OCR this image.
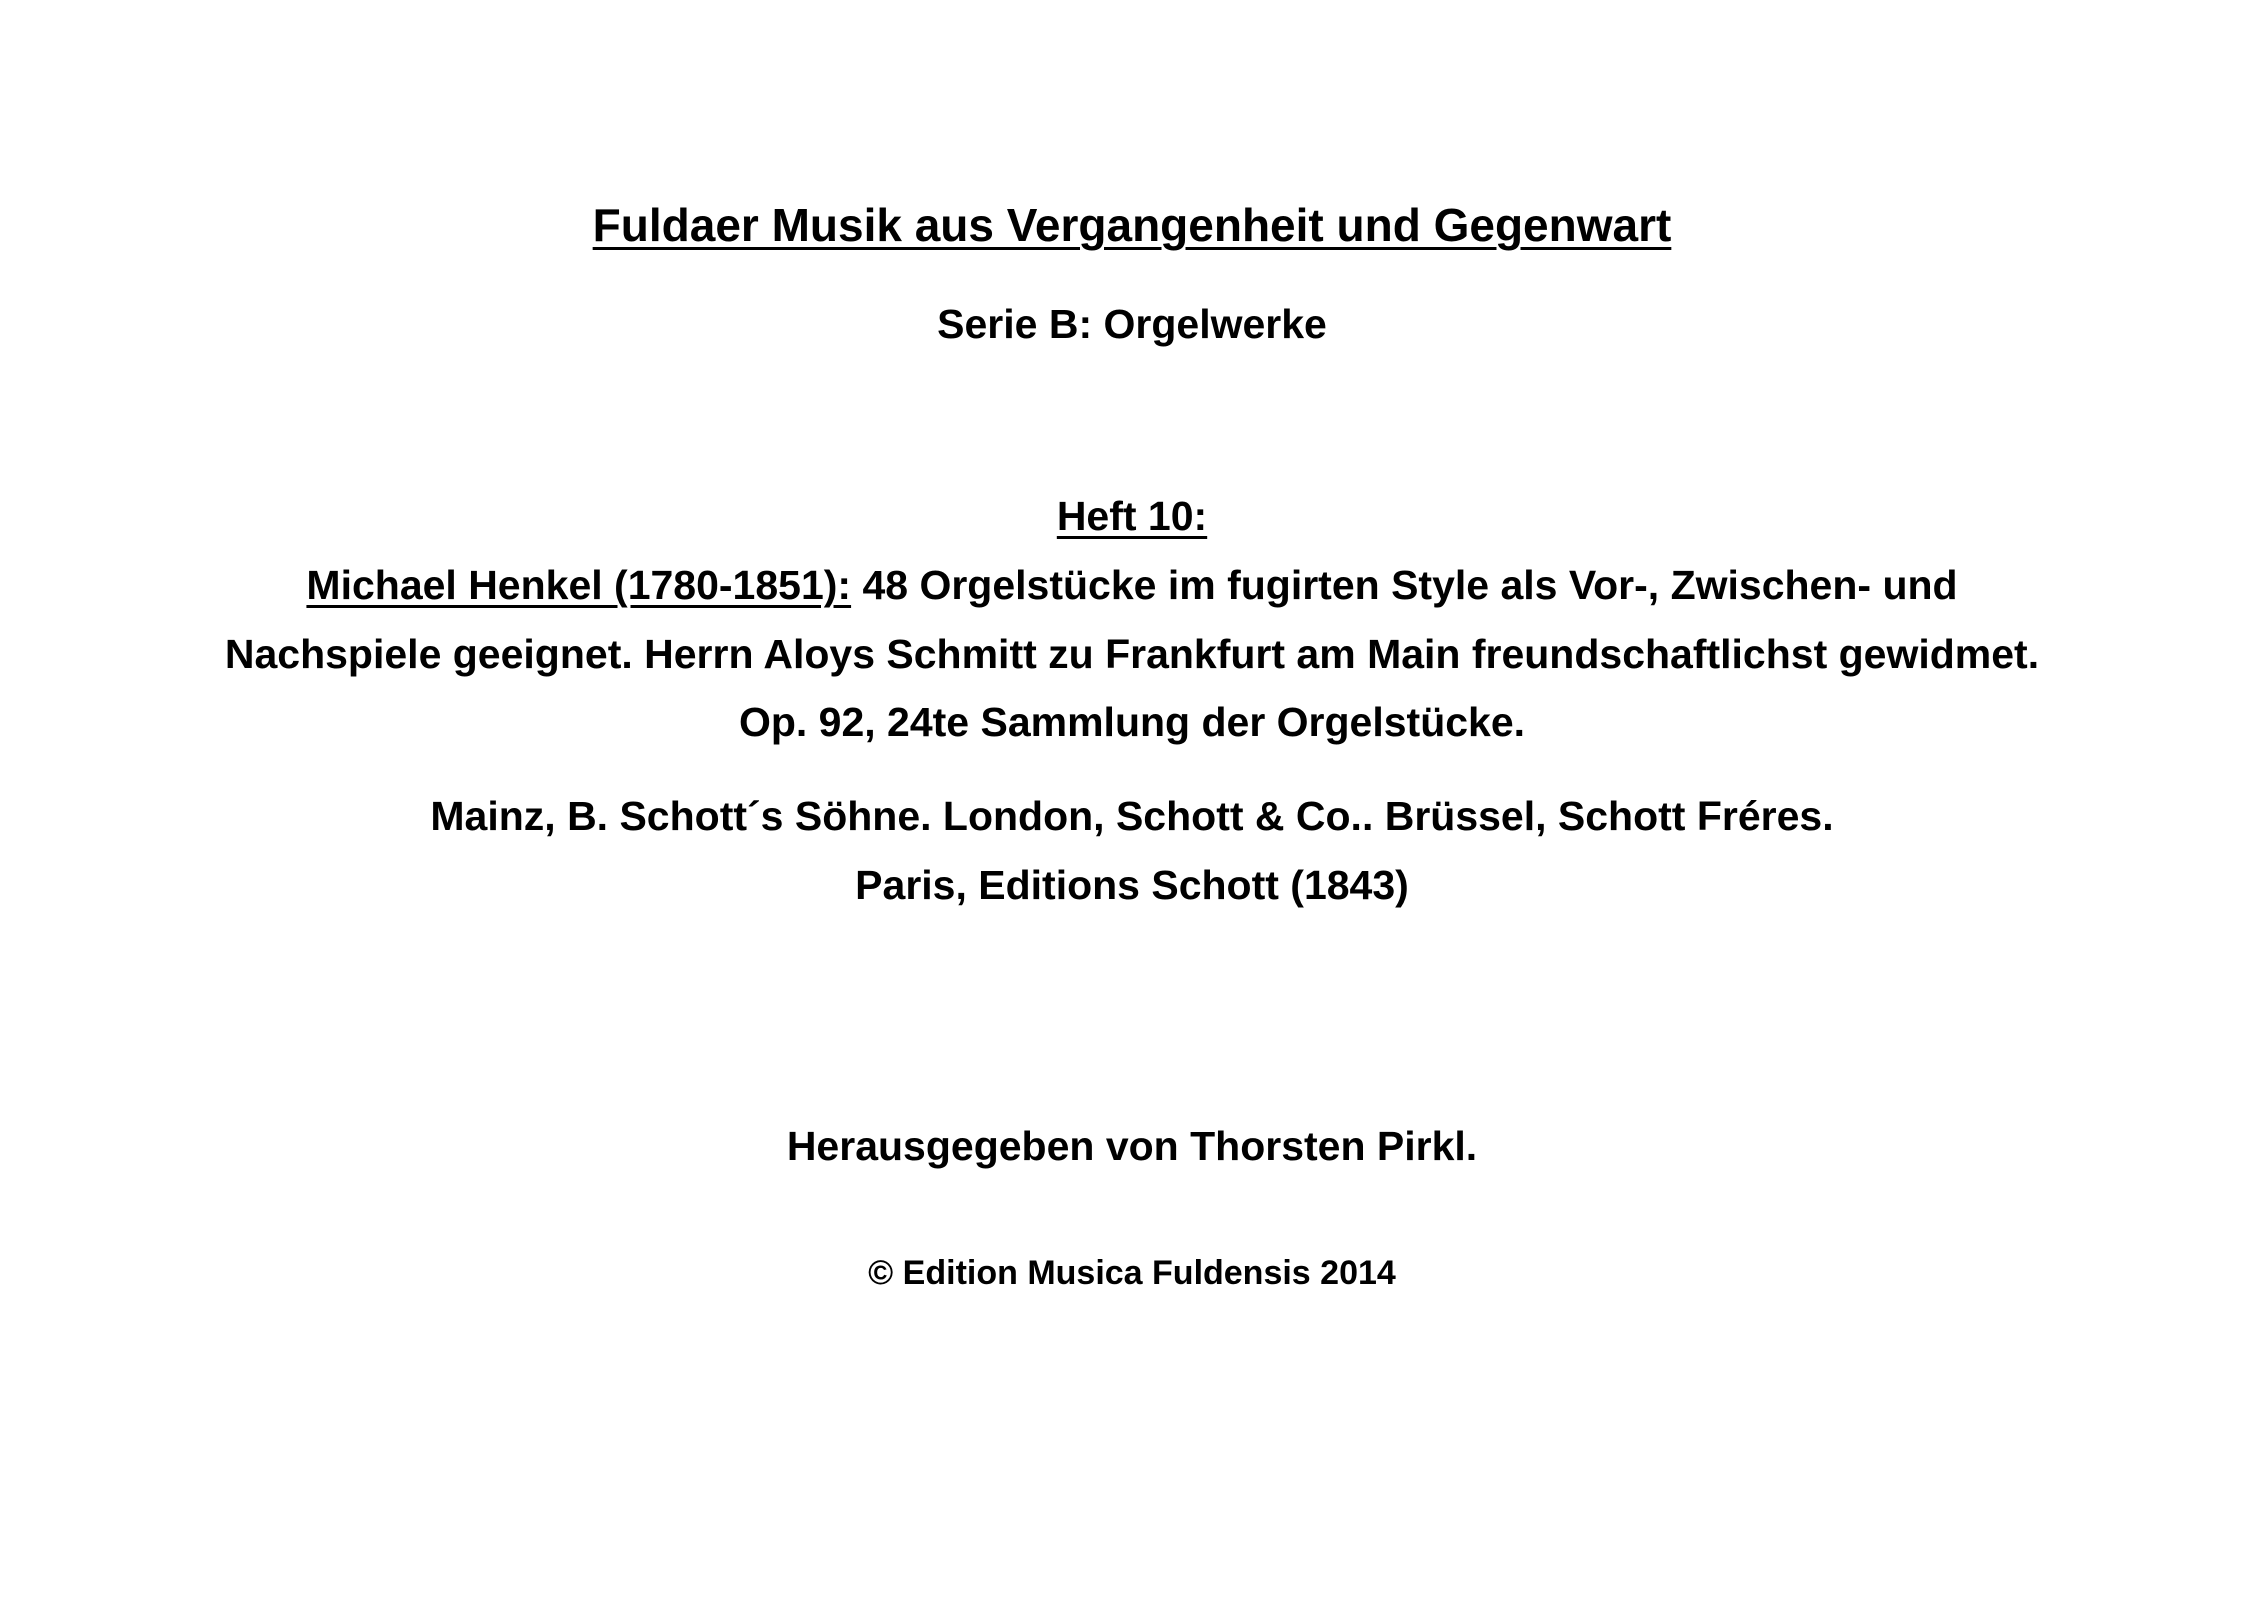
Fuldaer Musik aus Vergangenheit und Gegenwart
Serie B: Orgelwerke
Heft 10:
Michael Henkel (1780-1851): 48 Orgelstücke im fugirten Style als Vor-, Zwischen- und
Nachspiele geeignet. Herrn Aloys Schmitt zu Frankfurt am Main freundschaftlichst gewidmet.
Op. 92, 24te Sammlung der Orgelstücke.
Mainz, B. Schott´s Söhne. London, Schott & Co.. Brüssel, Schott Fréres.
Paris, Editions Schott (1843)
Herausgegeben von Thorsten Pirkl.
© Edition Musica Fuldensis 2014
